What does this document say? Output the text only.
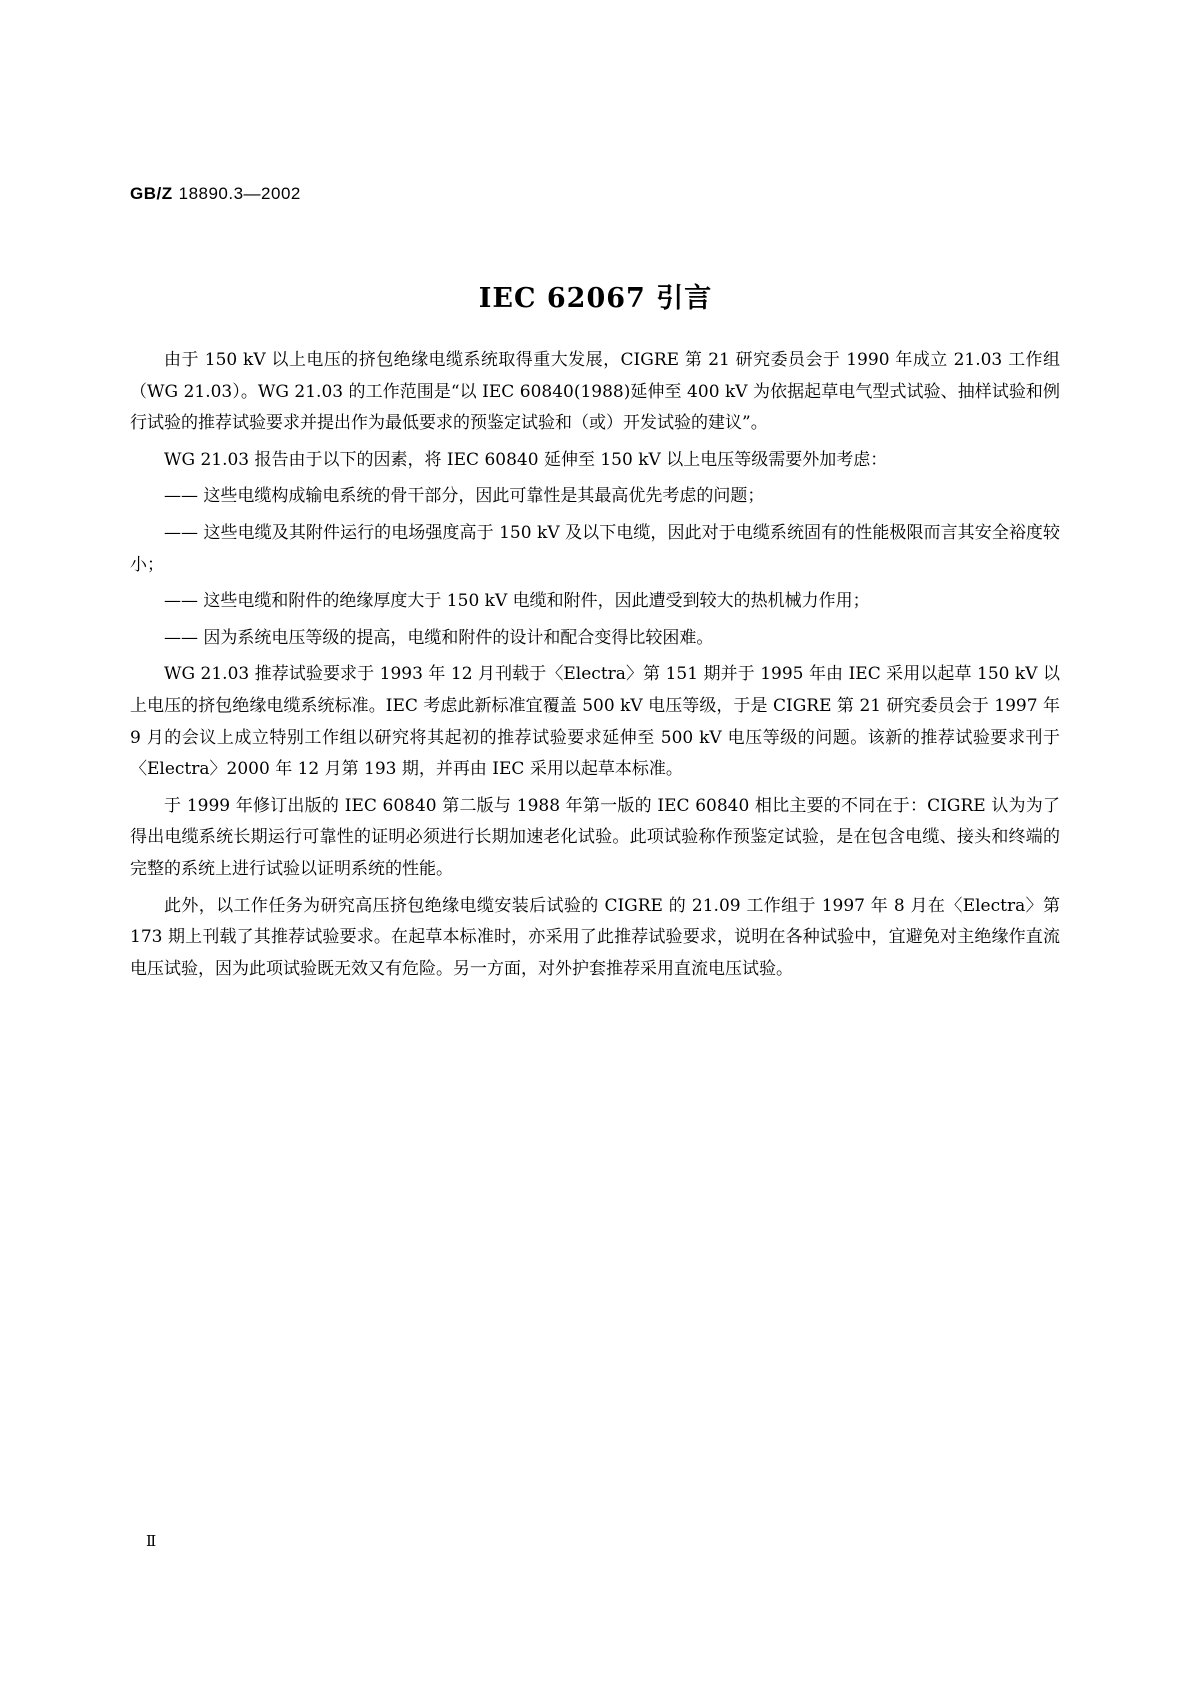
GB/Z 18890.3—2002
IEC 62067 引言

由于 150 kV 以上电压的挤包绝缘电缆系统取得重大发展，CIGRE 第 21 研究委员会于 1990 年成立 21.03 工作组（WG 21.03）。WG 21.03 的工作范围是“以 IEC 60840(1988)延伸至 400 kV 为依据起草电气型式试验、抽样试验和例行试验的推荐试验要求并提出作为最低要求的预鉴定试验和（或）开发试验的建议”。

WG 21.03 报告由于以下的因素，将 IEC 60840 延伸至 150 kV 以上电压等级需要外加考虑：

—— 这些电缆构成输电系统的骨干部分，因此可靠性是其最高优先考虑的问题；

—— 这些电缆及其附件运行的电场强度高于 150 kV 及以下电缆，因此对于电缆系统固有的性能极限而言其安全裕度较小；

—— 这些电缆和附件的绝缘厚度大于 150 kV 电缆和附件，因此遭受到较大的热机械力作用；

—— 因为系统电压等级的提高，电缆和附件的设计和配合变得比较困难。

WG 21.03 推荐试验要求于 1993 年 12 月刊载于〈Electra〉第 151 期并于 1995 年由 IEC 采用以起草 150 kV 以上电压的挤包绝缘电缆系统标准。IEC 考虑此新标准宜覆盖 500 kV 电压等级，于是 CIGRE 第 21 研究委员会于 1997 年 9 月的会议上成立特别工作组以研究将其起初的推荐试验要求延伸至 500 kV 电压等级的问题。该新的推荐试验要求刊于〈Electra〉2000 年 12 月第 193 期，并再由 IEC 采用以起草本标准。

于 1999 年修订出版的 IEC 60840 第二版与 1988 年第一版的 IEC 60840 相比主要的不同在于：CIGRE 认为为了得出电缆系统长期运行可靠性的证明必须进行长期加速老化试验。此项试验称作预鉴定试验，是在包含电缆、接头和终端的完整的系统上进行试验以证明系统的性能。

此外，以工作任务为研究高压挤包绝缘电缆安装后试验的 CIGRE 的 21.09 工作组于 1997 年 8 月在〈Electra〉第 173 期上刊载了其推荐试验要求。在起草本标准时，亦采用了此推荐试验要求，说明在各种试验中，宜避免对主绝缘作直流电压试验，因为此项试验既无效又有危险。另一方面，对外护套推荐采用直流电压试验。

Ⅱ
